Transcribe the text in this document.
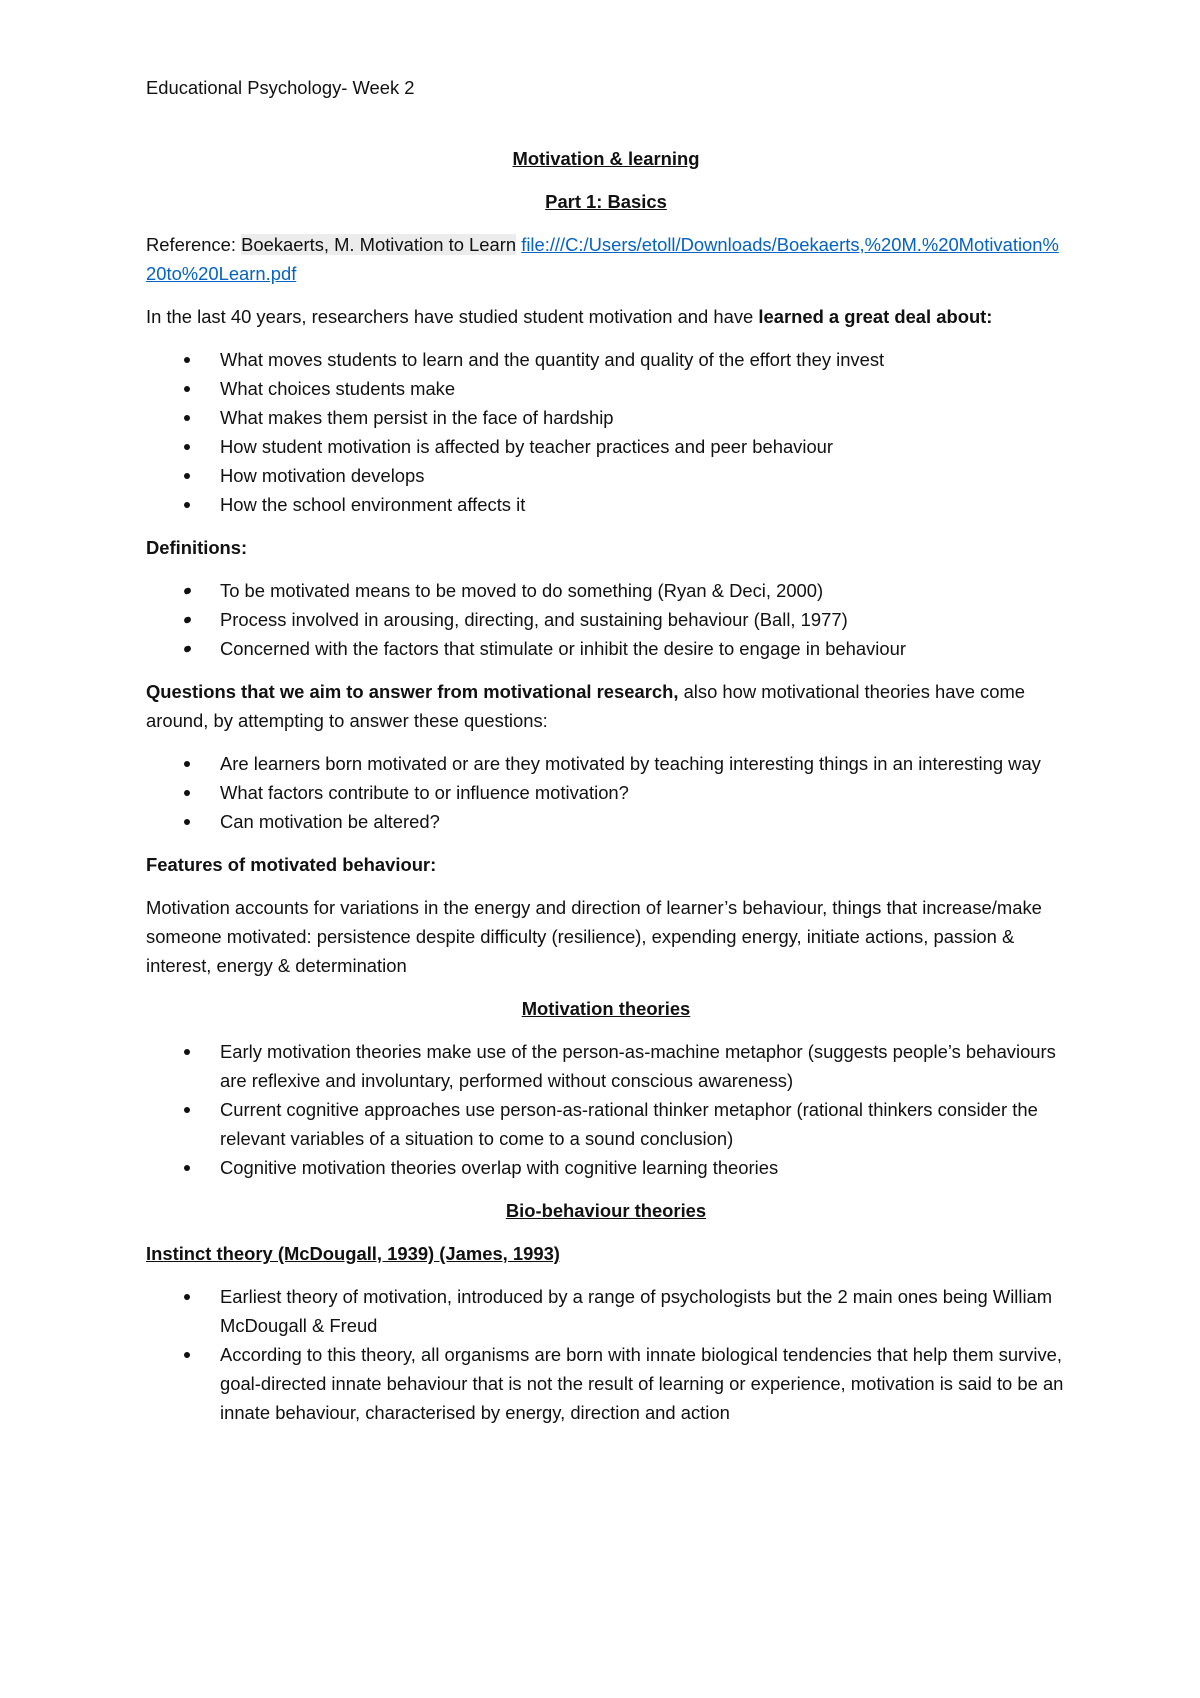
Educational Psychology- Week 2

Motivation & learning

Part 1: Basics

Reference: Boekaerts, M. Motivation to Learn file:///C:/Users/etoll/Downloads/Boekaerts,%20M.%20Motivation%20to%20Learn.pdf

In the last 40 years, researchers have studied student motivation and have learned a great deal about:

What moves students to learn and the quantity and quality of the effort they invest
What choices students make
What makes them persist in the face of hardship
How student motivation is affected by teacher practices and peer behaviour
How motivation develops
How the school environment affects it

Definitions:

To be motivated means to be moved to do something (Ryan & Deci, 2000)
Process involved in arousing, directing, and sustaining behaviour (Ball, 1977)
Concerned with the factors that stimulate or inhibit the desire to engage in behaviour

Questions that we aim to answer from motivational research, also how motivational theories have come around, by attempting to answer these questions:

Are learners born motivated or are they motivated by teaching interesting things in an interesting way
What factors contribute to or influence motivation?
Can motivation be altered?

Features of motivated behaviour:

Motivation accounts for variations in the energy and direction of learner’s behaviour, things that increase/make someone motivated: persistence despite difficulty (resilience), expending energy, initiate actions, passion & interest, energy & determination

Motivation theories

Early motivation theories make use of the person-as-machine metaphor (suggests people’s behaviours are reflexive and involuntary, performed without conscious awareness)
Current cognitive approaches use person-as-rational thinker metaphor (rational thinkers consider the relevant variables of a situation to come to a sound conclusion)
Cognitive motivation theories overlap with cognitive learning theories

Bio-behaviour theories

Instinct theory (McDougall, 1939) (James, 1993)

Earliest theory of motivation, introduced by a range of psychologists but the 2 main ones being William McDougall & Freud
According to this theory, all organisms are born with innate biological tendencies that help them survive, goal-directed innate behaviour that is not the result of learning or experience, motivation is said to be an innate behaviour, characterised by energy, direction and action
